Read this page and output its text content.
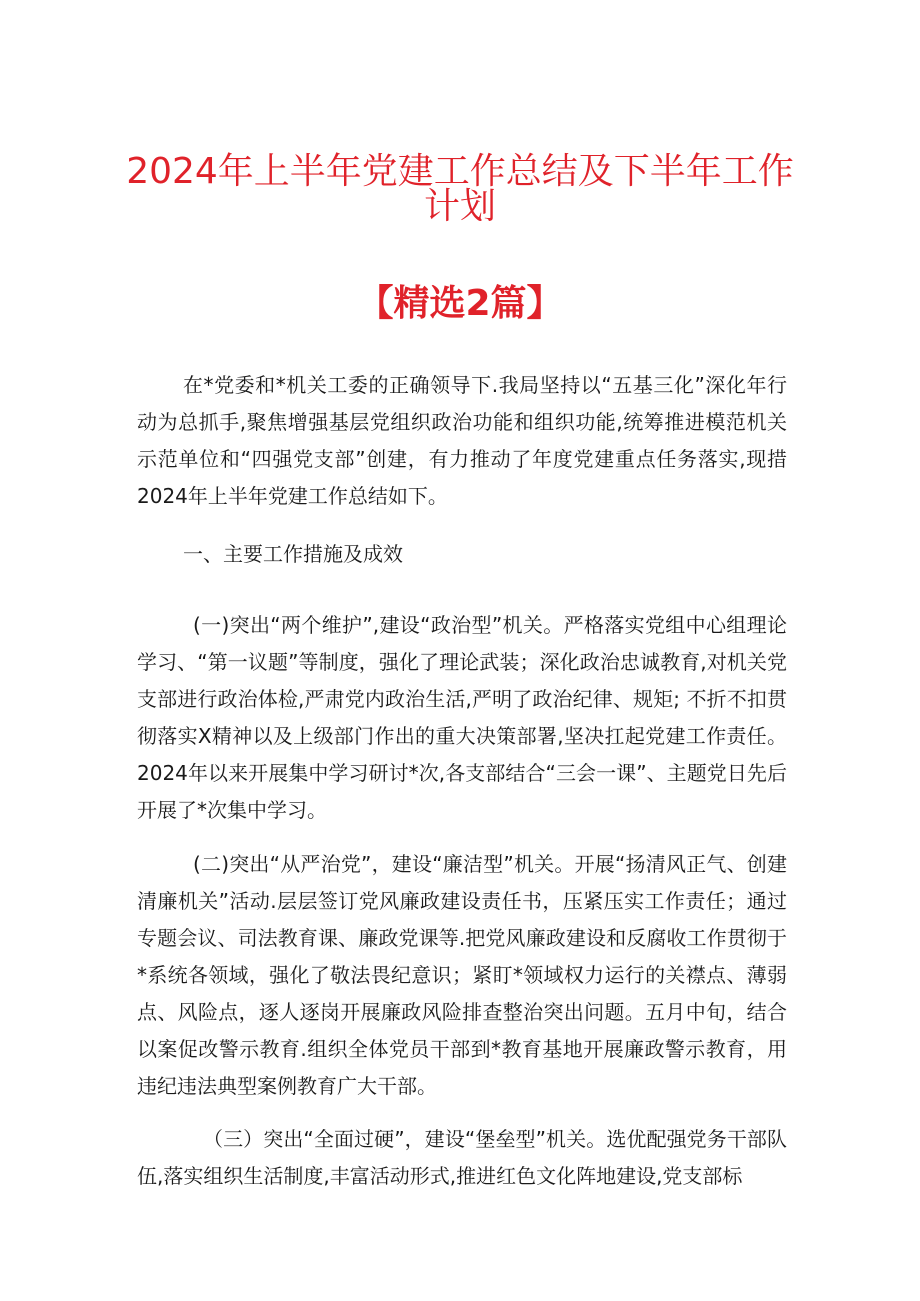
2024年上半年党建工作总结及下半年工作
计划
【精选2篇】

在*党委和*机关工委的正确领导下.我局坚持以“五基三化”深化年行动为总抓手,聚焦增强基层党组织政治功能和组织功能,统筹推进模范机关示范单位和“四强党支部”创建，有力推动了年度党建重点任务落实,现措2024年上半年党建工作总结如下。

一、主要工作措施及成效

(一)突出“两个维护”,建设“政治型”机关。严格落实党组中心组理论学习、“第一议题”等制度，强化了理论武装；深化政治忠诚教育,对机关党支部进行政治体检,严肃党内政治生活,严明了政治纪律、规矩; 不折不扣贯彻落实X精神以及上级部门作出的重大决策部署,坚决扛起党建工作责任。2024年以来开展集中学习研讨*次,各支部结合“三会一课”、主题党日先后开展了*次集中学习。

(二)突出“从严治党”，建设“廉洁型”机关。开展“扬清风正气、创建清廉机关”活动.层层签订党风廉政建设责任书，压紧压实工作责任；通过专题会议、司法教育课、廉政党课等.把党风廉政建设和反腐收工作贯彻于*系统各领域，强化了敬法畏纪意识；紧盯*领域权力运行的关襟点、薄弱点、风险点，逐人逐岗开展廉政风险排查整治突出问题。五月中旬，结合以案促改警示教育.组织全体党员干部到*教育基地开展廉政警示教育，用违纪违法典型案例教育广大干部。

（三）突出“全面过硬”，建设“堡垒型”机关。选优配强党务干部队伍,落实组织生活制度,丰富活动形式,推进红色文化阵地建设,党支部标
